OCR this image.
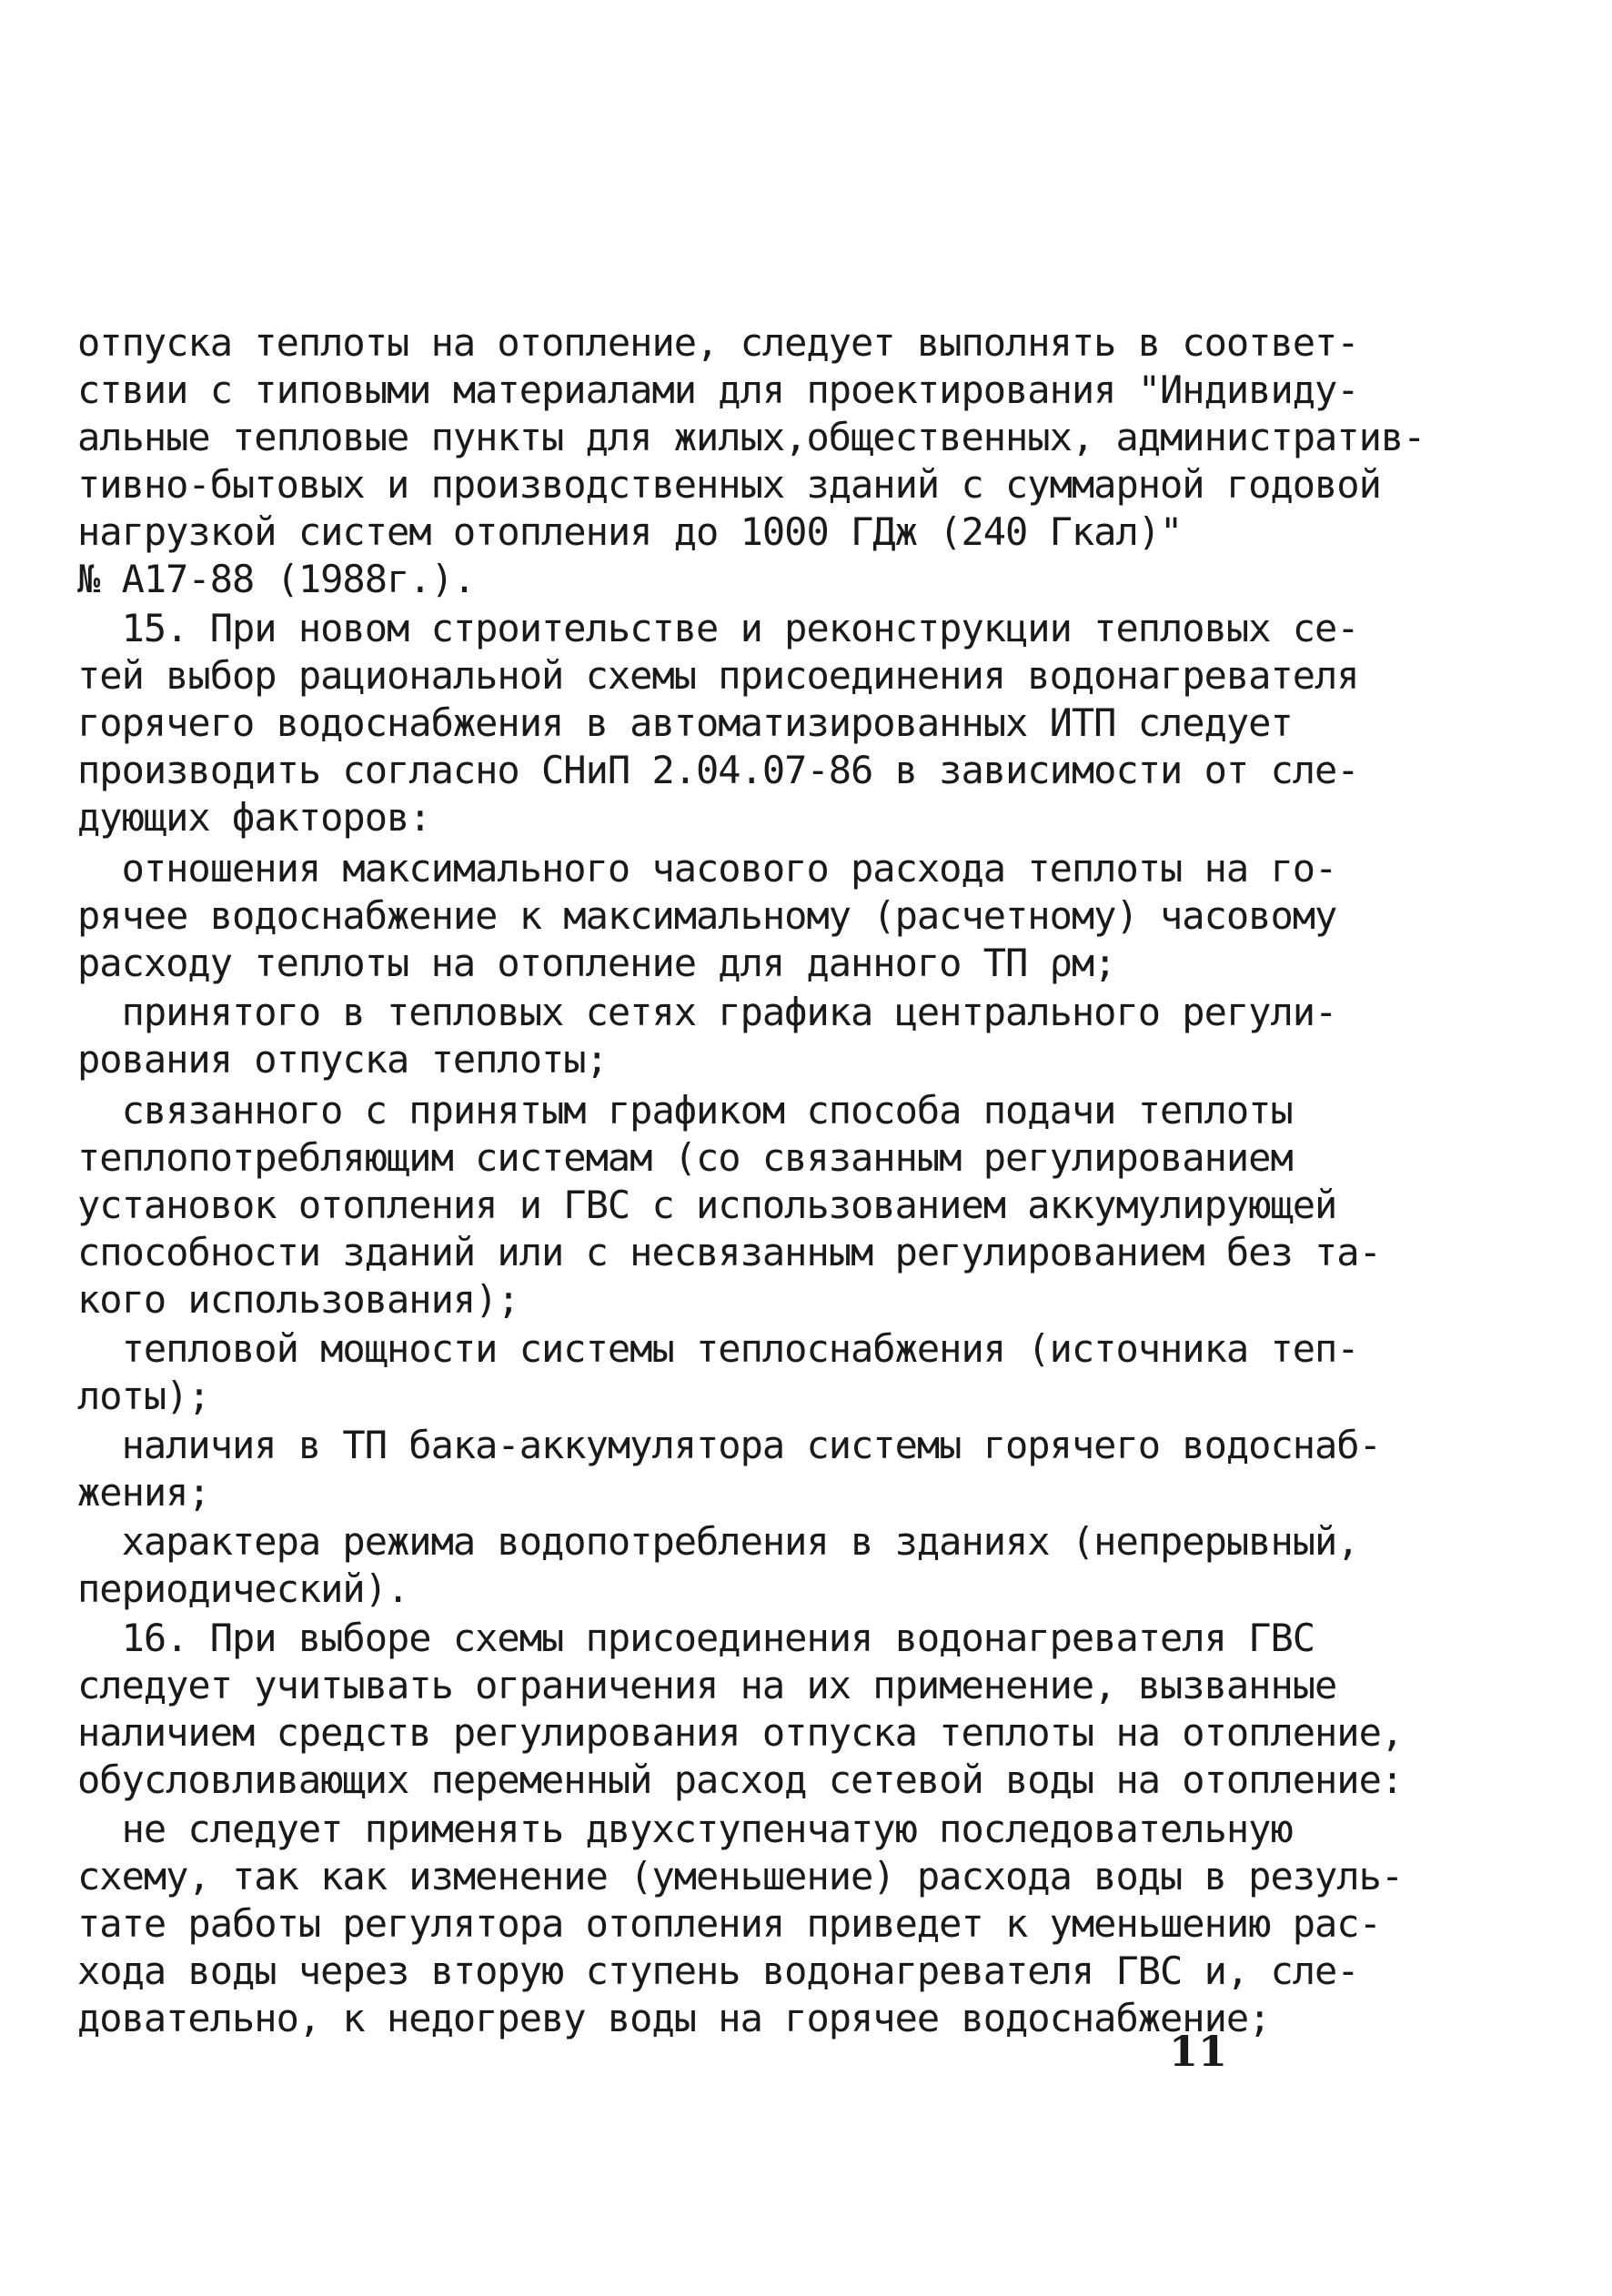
отпуска теплоты на отопление, следует выполнять в соответ-
ствии с типовыми материалами для проектирования "Индивиду-
альные тепловые пункты для жилых,общественных, административ-
тивно-бытовых и производственных зданий с суммарной годовой
нагрузкой систем отопления до 1000 ГДж (240 Гкал)"
№ А17-88 (1988г.).
15. При новом строительстве и реконструкции тепловых се-
тей выбор рациональной схемы присоединения водонагревателя
горячего водоснабжения в автоматизированных ИТП следует
производить согласно СНиП 2.04.07-86 в зависимости от сле-
дующих факторов:
отношения максимального часового расхода теплоты на го-
рячее водоснабжение к максимальному (расчетному) часовому
расходу теплоты на отопление для данного ТП ρм;
принятого в тепловых сетях графика центрального регули-
рования отпуска теплоты;
связанного с принятым графиком способа подачи теплоты
теплопотребляющим системам (со связанным регулированием
установок отопления и ГВС с использованием аккумулирующей
способности зданий или с несвязанным регулированием без та-
кого использования);
тепловой мощности системы теплоснабжения (источника теп-
лоты);
наличия в ТП бака-аккумулятора системы горячего водоснаб-
жения;
характера режима водопотребления в зданиях (непрерывный,
периодический).
16. При выборе схемы присоединения водонагревателя ГВС
следует учитывать ограничения на их применение, вызванные
наличием средств регулирования отпуска теплоты на отопление,
обусловливающих переменный расход сетевой воды на отопление:
не следует применять двухступенчатую последовательную
схему, так как изменение (уменьшение) расхода воды в резуль-
тате работы регулятора отопления приведет к уменьшению рас-
хода воды через вторую ступень водонагревателя ГВС и, сле-
довательно, к недогреву воды на горячее водоснабжение;
11
